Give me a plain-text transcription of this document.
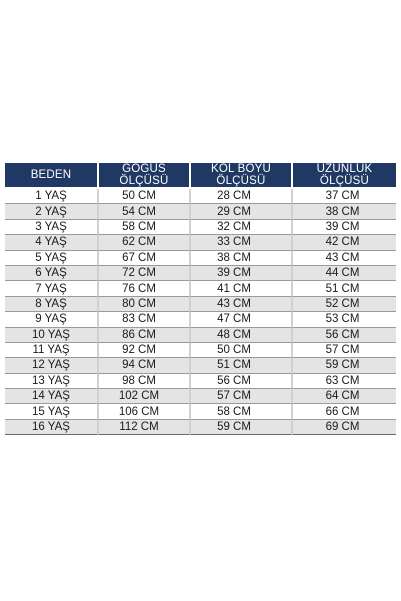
BEDEN	GÖĞÜS ÖLÇÜSÜ	KOL BOYU ÖLÇÜSÜ	UZUNLUK ÖLÇÜSÜ
1 YAŞ	50 CM	28 CM	37 CM
2 YAŞ	54 CM	29 CM	38 CM
3 YAŞ	58 CM	32 CM	39 CM
4 YAŞ	62 CM	33 CM	42 CM
5 YAŞ	67 CM	38 CM	43 CM
6 YAŞ	72 CM	39 CM	44 CM
7 YAŞ	76 CM	41 CM	51 CM
8 YAŞ	80 CM	43 CM	52 CM
9 YAŞ	83 CM	47 CM	53 CM
10 YAŞ	86 CM	48 CM	56 CM
11 YAŞ	92 CM	50 CM	57 CM
12 YAŞ	94 CM	51 CM	59 CM
13 YAŞ	98 CM	56 CM	63 CM
14 YAŞ	102 CM	57 CM	64 CM
15 YAŞ	106 CM	58 CM	66 CM
16 YAŞ	112 CM	59 CM	69 CM
